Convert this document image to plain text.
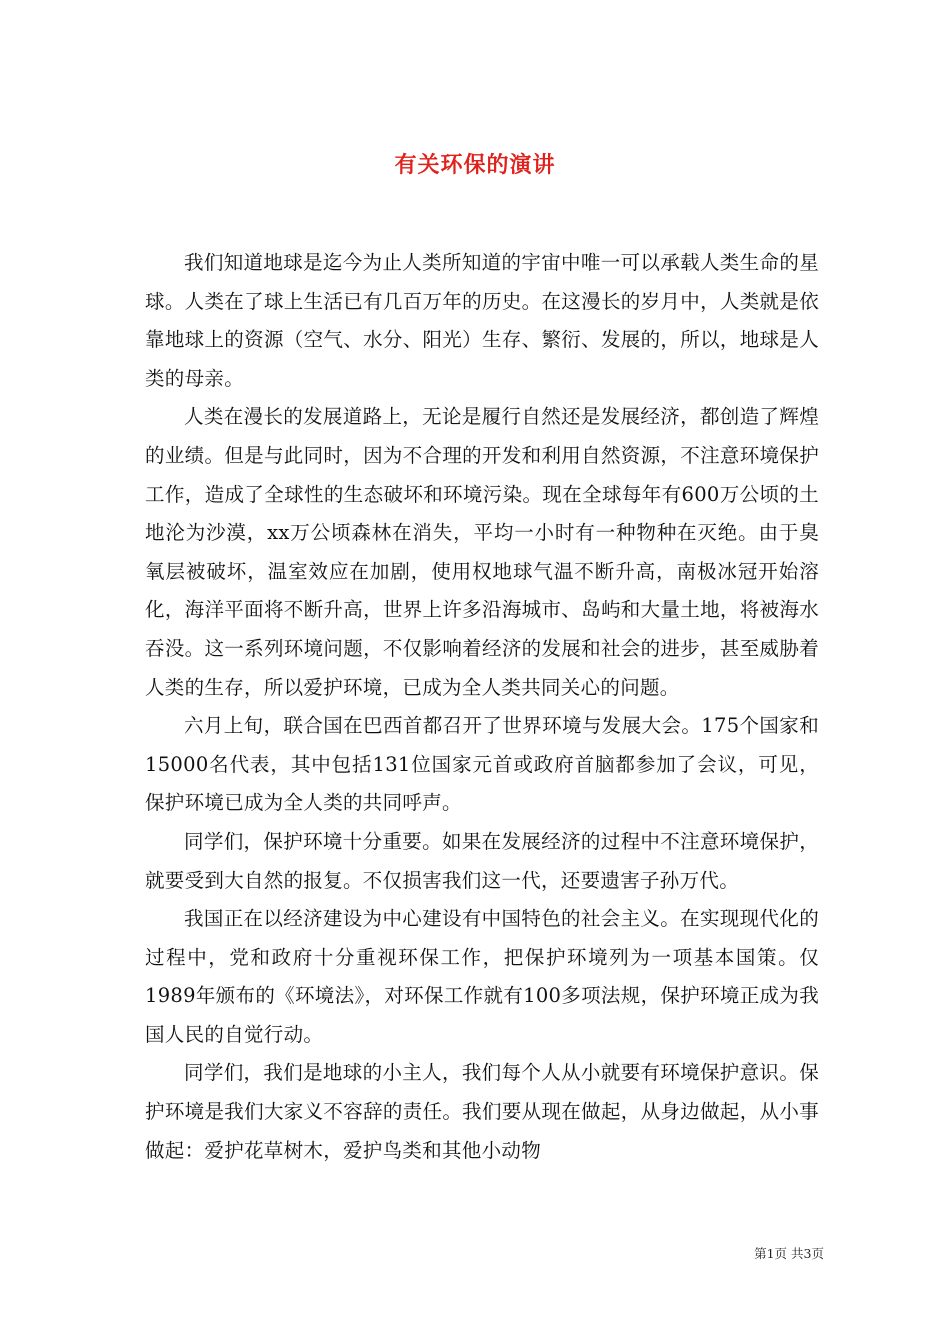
有关环保的演讲

我们知道地球是迄今为止人类所知道的宇宙中唯一可以承载人类生命的星球。人类在了球上生活已有几百万年的历史。在这漫长的岁月中，人类就是依靠地球上的资源（空气、水分、阳光）生存、繁衍、发展的，所以，地球是人类的母亲。

人类在漫长的发展道路上，无论是履行自然还是发展经济，都创造了辉煌的业绩。但是与此同时，因为不合理的开发和利用自然资源，不注意环境保护工作，造成了全球性的生态破坏和环境污染。现在全球每年有600万公顷的土地沦为沙漠，xx万公顷森林在消失，平均一小时有一种物种在灭绝。由于臭氧层被破坏，温室效应在加剧，使用权地球气温不断升高，南极冰冠开始溶化，海洋平面将不断升高，世界上许多沿海城市、岛屿和大量土地，将被海水吞没。这一系列环境问题，不仅影响着经济的发展和社会的进步，甚至威胁着人类的生存，所以爱护环境，已成为全人类共同关心的问题。

六月上旬，联合国在巴西首都召开了世界环境与发展大会。175个国家和15000名代表，其中包括131位国家元首或政府首脑都参加了会议，可见，保护环境已成为全人类的共同呼声。

同学们，保护环境十分重要。如果在发展经济的过程中不注意环境保护，就要受到大自然的报复。不仅损害我们这一代，还要遗害子孙万代。

我国正在以经济建设为中心建设有中国特色的社会主义。在实现现代化的过程中，党和政府十分重视环保工作，把保护环境列为一项基本国策。仅1989年颁布的《环境法》，对环保工作就有100多项法规，保护环境正成为我国人民的自觉行动。

同学们，我们是地球的小主人，我们每个人从小就要有环境保护意识。保护环境是我们大家义不容辞的责任。我们要从现在做起，从身边做起，从小事做起：爱护花草树木，爱护鸟类和其他小动物

第1页 共3页
